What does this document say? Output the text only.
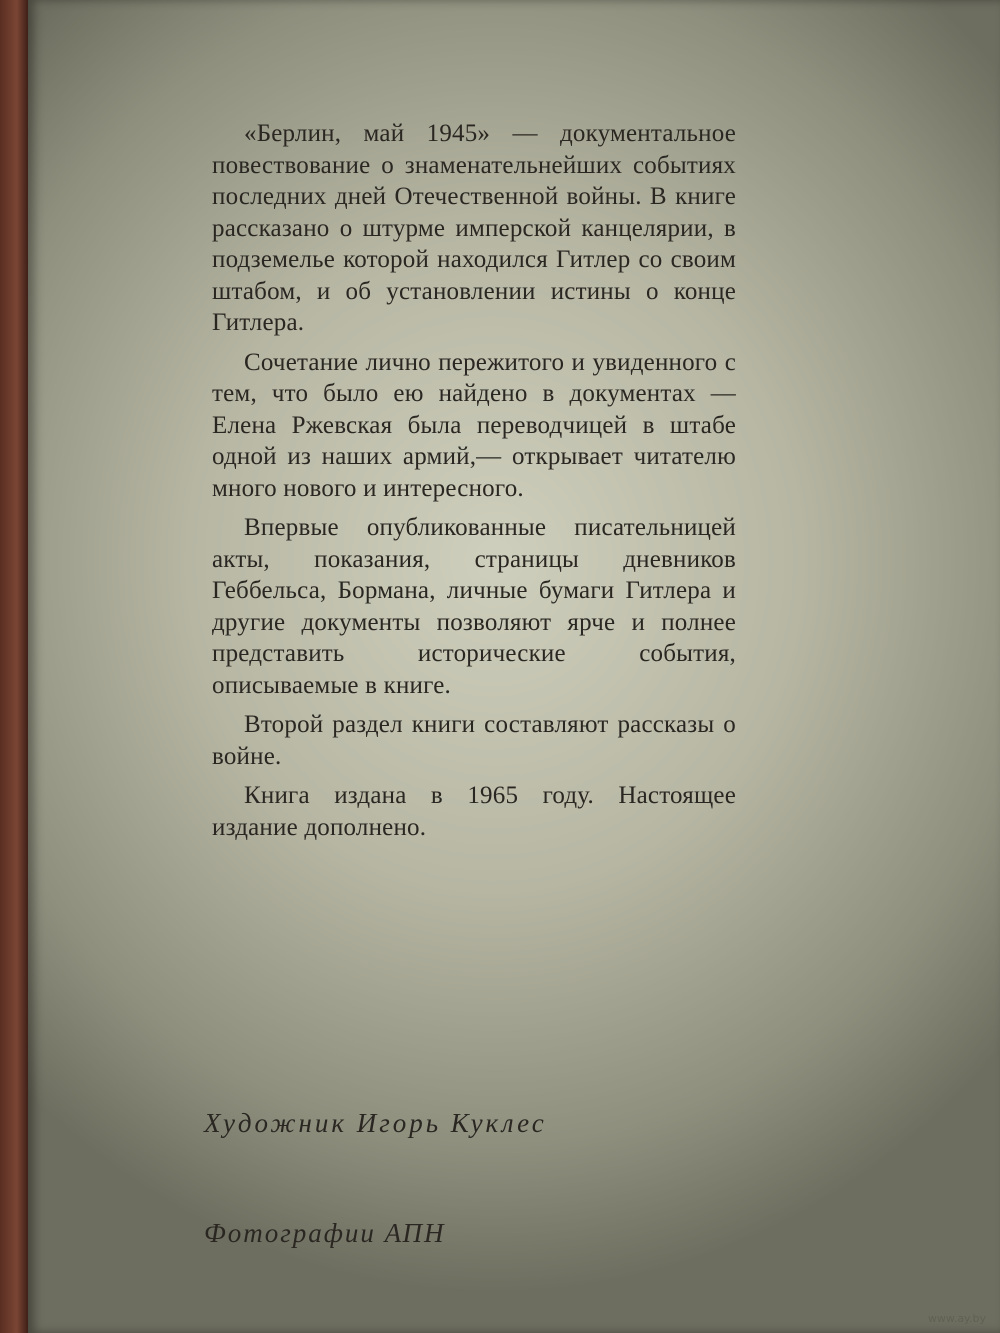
«Берлин, май 1945» — документальное повествование о знаменательнейших событиях последних дней Отечественной войны. В книге рассказано о штурме имперской канцелярии, в подземелье которой находился Гитлер со своим штабом, и об установлении истины о конце Гитлера.

Сочетание лично пережитого и увиденного с тем, что было ею найдено в документах — Елена Ржевская была переводчицей в штабе одной из наших армий,— открывает читателю много нового и интересного.

Впервые опубликованные писательницей акты, показания, страницы дневников Геббельса, Бормана, личные бумаги Гитлера и другие документы позволяют ярче и полнее представить исторические события, описываемые в книге.

Второй раздел книги составляют рассказы о войне.

Книга издана в 1965 году. Настоящее издание дополнено.

Художник Игорь Куклес
Фотографии АПН
www.ay.by
